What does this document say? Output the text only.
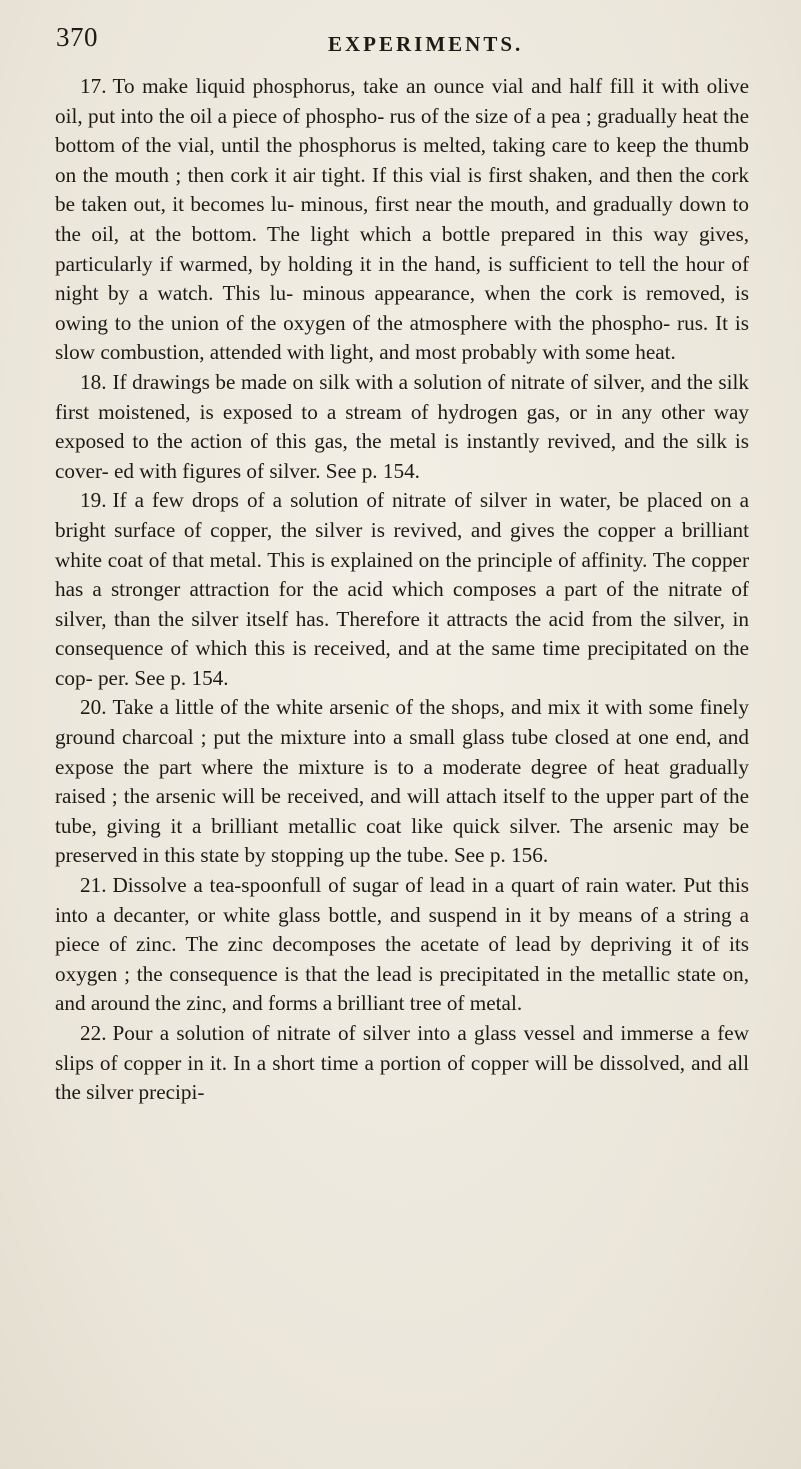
370	EXPERIMENTS.

17. To make liquid phosphorus, take an ounce vial and half fill it with olive oil, put into the oil a piece of phospho- rus of the size of a pea ; gradually heat the bottom of the vial, until the phosphorus is melted, taking care to keep the thumb on the mouth ; then cork it air tight. If this vial is first shaken, and then the cork be taken out, it becomes lu- minous, first near the mouth, and gradually down to the oil, at the bottom. The light which a bottle prepared in this way gives, particularly if warmed, by holding it in the hand, is sufficient to tell the hour of night by a watch. This lu- minous appearance, when the cork is removed, is owing to the union of the oxygen of the atmosphere with the phospho- rus. It is slow combustion, attended with light, and most probably with some heat.

18. If drawings be made on silk with a solution of nitrate of silver, and the silk first moistened, is exposed to a stream of hydrogen gas, or in any other way exposed to the action of this gas, the metal is instantly revived, and the silk is cover- ed with figures of silver. See p. 154.

19. If a few drops of a solution of nitrate of silver in water, be placed on a bright surface of copper, the silver is revived, and gives the copper a brilliant white coat of that metal. This is explained on the principle of affinity. The copper has a stronger attraction for the acid which composes a part of the nitrate of silver, than the silver itself has. Therefore it attracts the acid from the silver, in consequence of which this is received, and at the same time precipitated on the cop- per. See p. 154.

20. Take a little of the white arsenic of the shops, and mix it with some finely ground charcoal ; put the mixture into a small glass tube closed at one end, and expose the part where the mixture is to a moderate degree of heat gradually raised ; the arsenic will be received, and will attach itself to the upper part of the tube, giving it a brilliant metallic coat like quick silver. The arsenic may be preserved in this state by stopping up the tube. See p. 156.

21. Dissolve a tea-spoonfull of sugar of lead in a quart of rain water. Put this into a decanter, or white glass bottle, and suspend in it by means of a string a piece of zinc. The zinc decomposes the acetate of lead by depriving it of its oxygen ; the consequence is that the lead is precipitated in the metallic state on, and around the zinc, and forms a brilliant tree of metal.

22. Pour a solution of nitrate of silver into a glass vessel and immerse a few slips of copper in it. In a short time a portion of copper will be dissolved, and all the silver precipi-
